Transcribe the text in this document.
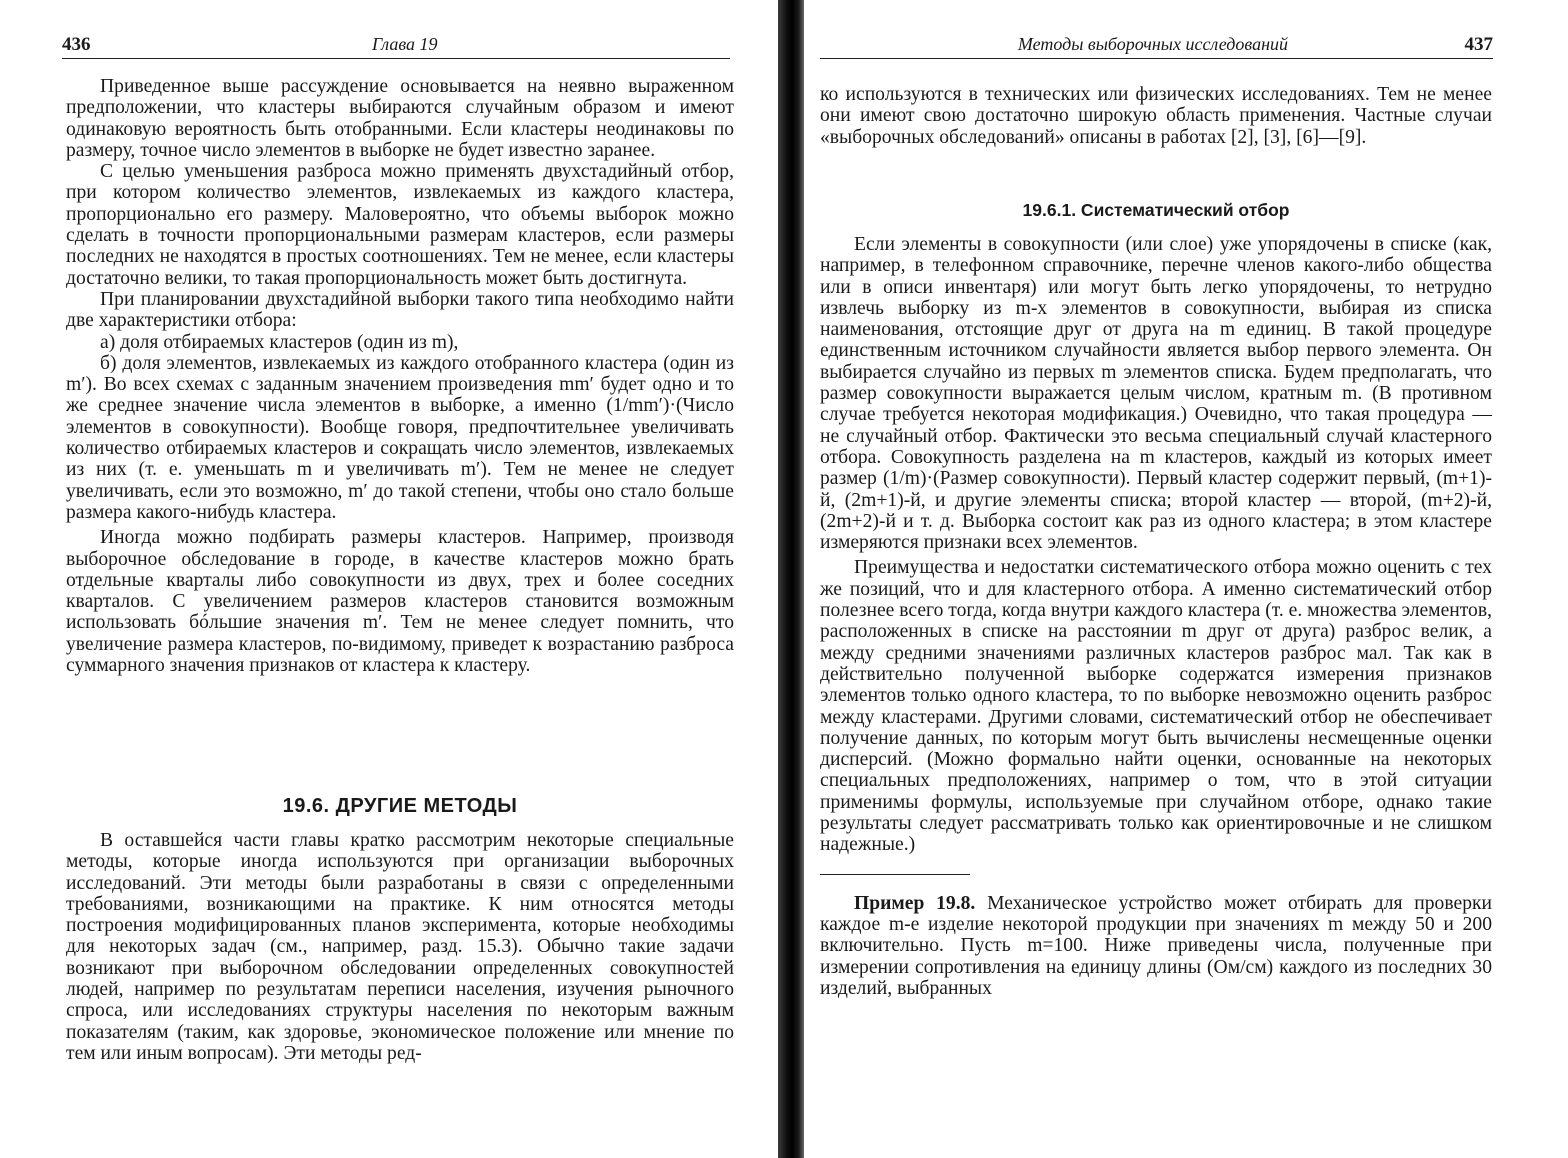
436	Глава 19

Приведенное выше рассуждение основывается на неявно выраженном предположении, что кластеры выбираются случайным образом и имеют одинаковую вероятность быть отобранными. Если кластеры неодинаковы по размеру, точное число элементов в выборке не будет известно заранее.

С целью уменьшения разброса можно применять двухстадийный отбор, при котором количество элементов, извлекаемых из каждого кластера, пропорционально его размеру. Маловероятно, что объемы выборок можно сделать в точности пропорциональными размерам кластеров, если размеры последних не находятся в простых соотношениях. Тем не менее, если кластеры достаточно велики, то такая пропорциональность может быть достигнута.

При планировании двухстадийной выборки такого типа необходимо найти две характеристики отбора:

а) доля отбираемых кластеров (один из m),

б) доля элементов, извлекаемых из каждого отобранного кластера (один из m′). Во всех схемах с заданным значением произведения mm′ будет одно и то же среднее значение числа элементов в выборке, а именно (1/mm′)·(Число элементов в совокупности). Вообще говоря, предпочтительнее увеличивать количество отбираемых кластеров и сокращать число элементов, извлекаемых из них (т. е. уменьшать m и увеличивать m′). Тем не менее не следует увеличивать, если это возможно, m′ до такой степени, чтобы оно стало больше размера какого-нибудь кластера.

Иногда можно подбирать размеры кластеров. Например, производя выборочное обследование в городе, в качестве кластеров можно брать отдельные кварталы либо совокупности из двух, трех и более соседних кварталов. С увеличением размеров кластеров становится возможным использовать бóльшие значения m′. Тем не менее следует помнить, что увеличение размера кластеров, по-видимому, приведет к возрастанию разброса суммарного значения признаков от кластера к кластеру.

19.6. ДРУГИЕ МЕТОДЫ

В оставшейся части главы кратко рассмотрим некоторые специальные методы, которые иногда используются при организации выборочных исследований. Эти методы были разработаны в связи с определенными требованиями, возникающими на практике. К ним относятся методы построения модифицированных планов эксперимента, которые необходимы для некоторых задач (см., например, разд. 15.3). Обычно такие задачи возникают при выборочном обследовании определенных совокупностей людей, например по результатам переписи населения, изучения рыночного спроса, или исследованиях структуры населения по некоторым важным показателям (таким, как здоровье, экономическое положение или мнение по тем или иным вопросам). Эти методы ред-

Методы выборочных исследований	437

ко используются в технических или физических исследованиях. Тем не менее они имеют свою достаточно широкую область применения. Частные случаи «выборочных обследований» описаны в работах [2], [3], [6]—[9].

19.6.1. Систематический отбор

Если элементы в совокупности (или слое) уже упорядочены в списке (как, например, в телефонном справочнике, перечне членов какого-либо общества или в описи инвентаря) или могут быть легко упорядочены, то нетрудно извлечь выборку из m-х элементов в совокупности, выбирая из списка наименования, отстоящие друг от друга на m единиц. В такой процедуре единственным источником случайности является выбор первого элемента. Он выбирается случайно из первых m элементов списка. Будем предполагать, что размер совокупности выражается целым числом, кратным m. (В противном случае требуется некоторая модификация.) Очевидно, что такая процедура — не случайный отбор. Фактически это весьма специальный случай кластерного отбора. Совокупность разделена на m кластеров, каждый из которых имеет размер (1/m)·(Размер совокупности). Первый кластер содержит первый, (m+1)-й, (2m+1)-й, и другие элементы списка; второй кластер — второй, (m+2)-й, (2m+2)-й и т. д. Выборка состоит как раз из одного кластера; в этом кластере измеряются признаки всех элементов.

Преимущества и недостатки систематического отбора можно оценить с тех же позиций, что и для кластерного отбора. А именно систематический отбор полезнее всего тогда, когда внутри каждого кластера (т. е. множества элементов, расположенных в списке на расстоянии m друг от друга) разброс велик, а между средними значениями различных кластеров разброс мал. Так как в действительно полученной выборке содержатся измерения признаков элементов только одного кластера, то по выборке невозможно оценить разброс между кластерами. Другими словами, систематический отбор не обеспечивает получение данных, по которым могут быть вычислены несмещенные оценки дисперсий. (Можно формально найти оценки, основанные на некоторых специальных предположениях, например о том, что в этой ситуации применимы формулы, используемые при случайном отборе, однако такие результаты следует рассматривать только как ориентировочные и не слишком надежные.)

Пример 19.8. Механическое устройство может отбирать для проверки каждое m-е изделие некоторой продукции при значениях m между 50 и 200 включительно. Пусть m=100. Ниже приведены числа, полученные при измерении сопротивления на единицу длины (Ом/см) каждого из последних 30 изделий, выбранных
